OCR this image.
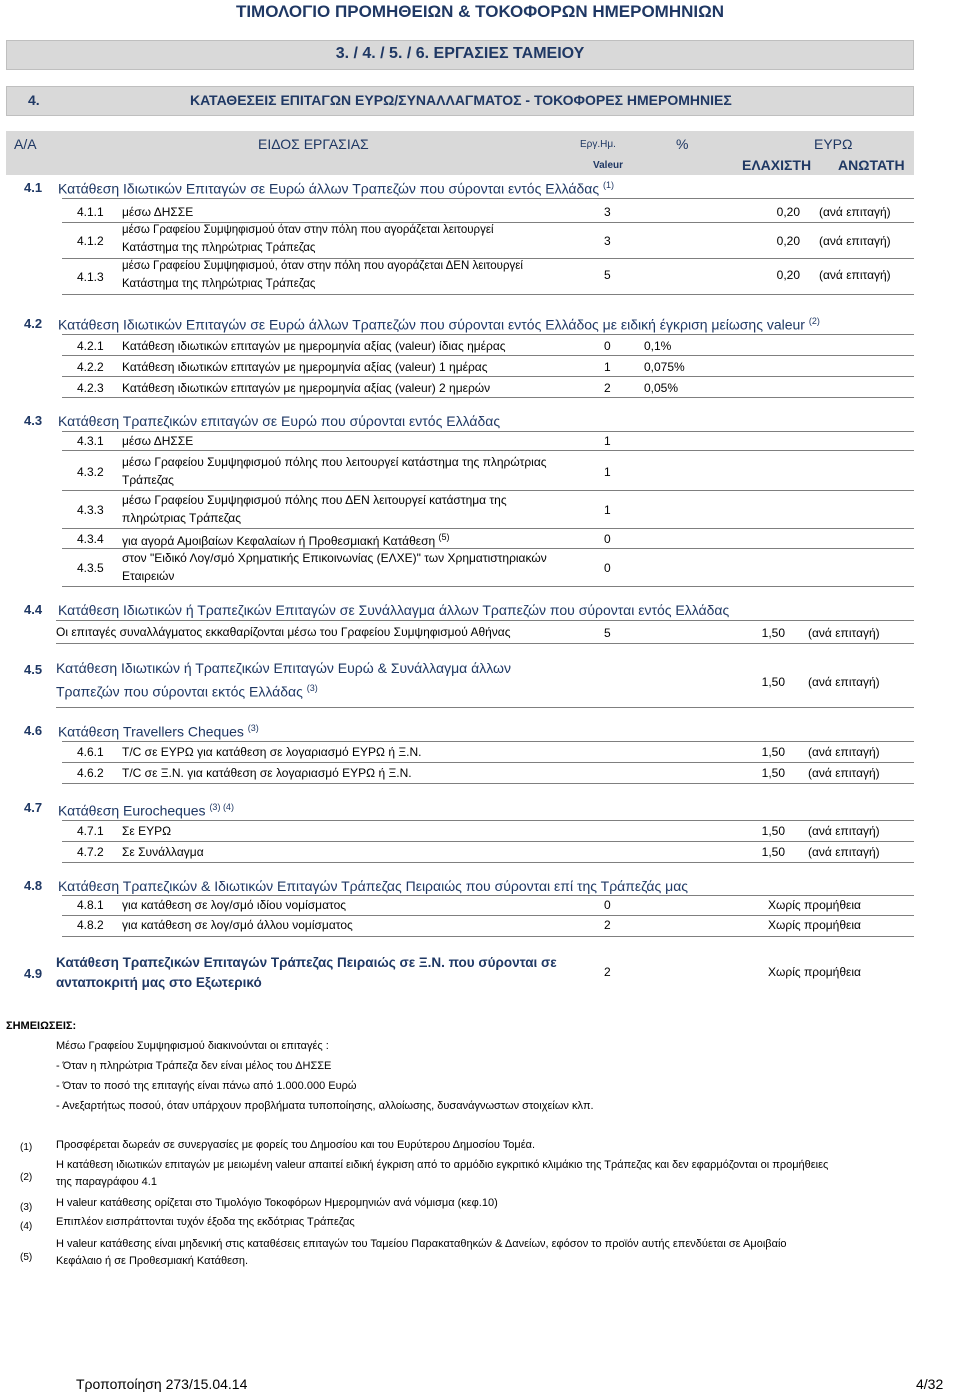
ΤΙΜΟΛΟΓΙΟ ΠΡΟΜΗΘΕΙΩΝ & ΤΟΚΟΦΟΡΩΝ ΗΜΕΡΟΜΗΝΙΩΝ
3. / 4. / 5. / 6. ΕΡΓΑΣΙΕΣ ΤΑΜΕΙΟΥ
4.	ΚΑΤΑΘΕΣΕΙΣ ΕΠΙΤΑΓΩΝ ΕΥΡΩ/ΣΥΝΑΛΛΑΓΜΑΤΟΣ - ΤΟΚΟΦΟΡΕΣ ΗΜΕΡΟΜΗΝΙΕΣ
Α/Α	ΕΙΔΟΣ ΕΡΓΑΣΙΑΣ	Εργ.Ημ.	%	ΕΥΡΩ
Valeur	ΕΛΑΧΙΣΤΗ ΑΝΩΤΑΤΗ
4.1 Κατάθεση Ιδιωτικών Επιταγών σε Ευρώ άλλων Τραπεζών που σύρονται εντός Ελλάδας $^{(1)}$
4.1.1 μέσω ΔΗΣΣΕ	3	0,20 (ανά επιταγή)
4.1.2
μέσω Γραφείου Συμψηφισμού όταν στην πόλη που αγοράζεται λειτουργεί
Κατάστημα της πληρώτριας Τράπεζας	3	0,20 (ανά επιταγή)
4.1.3
μέσω Γραφείου Συμψηφισμού, όταν στην πόλη που αγοράζεται ΔΕΝ λειτουργεί
Κατάστημα της πληρώτριας Τράπεζας
5	0,20 (ανά επιταγή)
4.2 Κατάθεση Ιδιωτικών Επιταγών σε Ευρώ άλλων Τραπεζών που σύρονται εντός Ελλάδος με ειδική έγκριση μείωσης valeur $^{(2)}$
4.2.1 Κατάθεση ιδιωτικών επιταγών με ημερομηνία αξίας (valeur) ίδιας ημέρας	0	0,1%
4.2.2 Κατάθεση ιδιωτικών επιταγών με ημερομηνία αξίας (valeur) 1 ημέρας	1	0,075%
4.2.3 Κατάθεση ιδιωτικών επιταγών με ημερομηνία αξίας (valeur) 2 ημερών	2	0,05%
4.3 Κατάθεση Τραπεζικών επιταγών σε Ευρώ που σύρονται εντός Ελλάδας
4.3.1 μέσω ΔΗΣΣΕ	1
4.3.2
μέσω Γραφείου Συμψηφισμού πόλης που λειτουργεί κατάστημα της πληρώτριας
Τράπεζας
1
4.3.3
μέσω Γραφείου Συμψηφισμού πόλης που ΔΕΝ λειτουργεί κατάστημα της
πληρώτριας Τράπεζας
1
4.3.4 για αγορά Αμοιβαίων Κεφαλαίων ή Προθεσμιακή Κατάθεση $^{(5)}$	0
4.3.5
στον "Ειδικό Λογ/σμό Χρηματικής Επικοινωνίας (ΕΛΧΕ)" των Χρηματιστηριακών
Εταιρειών
0
4.4 Κατάθεση Ιδιωτικών ή Τραπεζικών Επιταγών σε Συνάλλαγμα άλλων Τραπεζών που σύρονται εντός Ελλάδας
Οι επιταγές συναλλάγματος εκκαθαρίζονται μέσω του Γραφείου Συμψηφισμού Αθήνας	5	1,50 (ανά επιταγή)
4.5 Κατάθεση Ιδιωτικών ή Τραπεζικών Επιταγών Ευρώ & Συνάλλαγμα άλλων
Τραπεζών που σύρονται εκτός Ελλάδας $^{(3)}$	1,50 (ανά επιταγή)
4.6 Κατάθεση Travellers Cheques $^{(3)}$
4.6.1 Τ/C σε ΕΥΡΩ για κατάθεση σε λογαριασμό ΕΥΡΩ ή Ξ.Ν.	1,50 (ανά επιταγή)
4.6.2 Τ/C σε Ξ.Ν. για κατάθεση σε λογαριασμό ΕΥΡΩ ή Ξ.Ν.	1,50 (ανά επιταγή)
4.7 Κατάθεση Eurocheques $^{(3) (4)}$
4.7.1 Σε ΕΥΡΩ	1,50 (ανά επιταγή)
4.7.2 Σε Συνάλλαγμα	1,50 (ανά επιταγή)
4.8 Κατάθεση Τραπεζικών & Ιδιωτικών Επιταγών Τράπεζας Πειραιώς που σύρονται επί της Τράπεζάς μας
4.8.1 για κατάθεση σε λογ/σμό ιδίου νομίσματος	0	Χωρίς προμήθεια
4.8.2 για κατάθεση σε λογ/σμό άλλου νομίσματος	2	Χωρίς προμήθεια
4.9
Κατάθεση Τραπεζικών Επιταγών Τράπεζας Πειραιώς σε Ξ.Ν. που σύρονται σε
ανταποκριτή μας στο Εξωτερικό
2	Χωρίς προμήθεια
ΣΗΜΕΙΩΣΕΙΣ:
Μέσω Γραφείου Συμψηφισμού διακινούνται οι επιταγές :
- Όταν η πληρώτρια Τράπεζα δεν είναι μέλος του ΔΗΣΣΕ
- Όταν το ποσό της επιταγής είναι πάνω από 1.000.000 Ευρώ
- Ανεξαρτήτως ποσού, όταν υπάρχουν προβλήματα τυποποίησης, αλλοίωσης, δυσανάγνωστων στοιχείων κλπ.
(1) Προσφέρεται δωρεάν σε συνεργασίες με φορείς του Δημοσίου και του Ευρύτερου Δημοσίου Τομέα.
(2)
Η κατάθεση ιδιωτικών επιταγών με μειωμένη valeur απαιτεί ειδική έγκριση από το αρμόδιο εγκριτικό κλιμάκιο της Τράπεζας και δεν εφαρμόζονται οι προμήθειες
της παραγράφου 4.1
(3) Η valeur κατάθεσης ορίζεται στο Τιμολόγιο Τοκοφόρων Ημερομηνιών ανά νόμισμα (κεφ.10)
(4) Επιπλέον εισπράττονται τυχόν έξοδα της εκδότριας Τράπεζας
(5)
Η valeur κατάθεσης είναι μηδενική στις καταθέσεις επιταγών του Ταμείου Παρακαταθηκών & Δανείων, εφόσον το προϊόν αυτής επενδύεται σε Αμοιβαίο
Κεφάλαιο ή σε Προθεσμιακή Κατάθεση.
Τροποποίηση 273/15.04.14	4/32
